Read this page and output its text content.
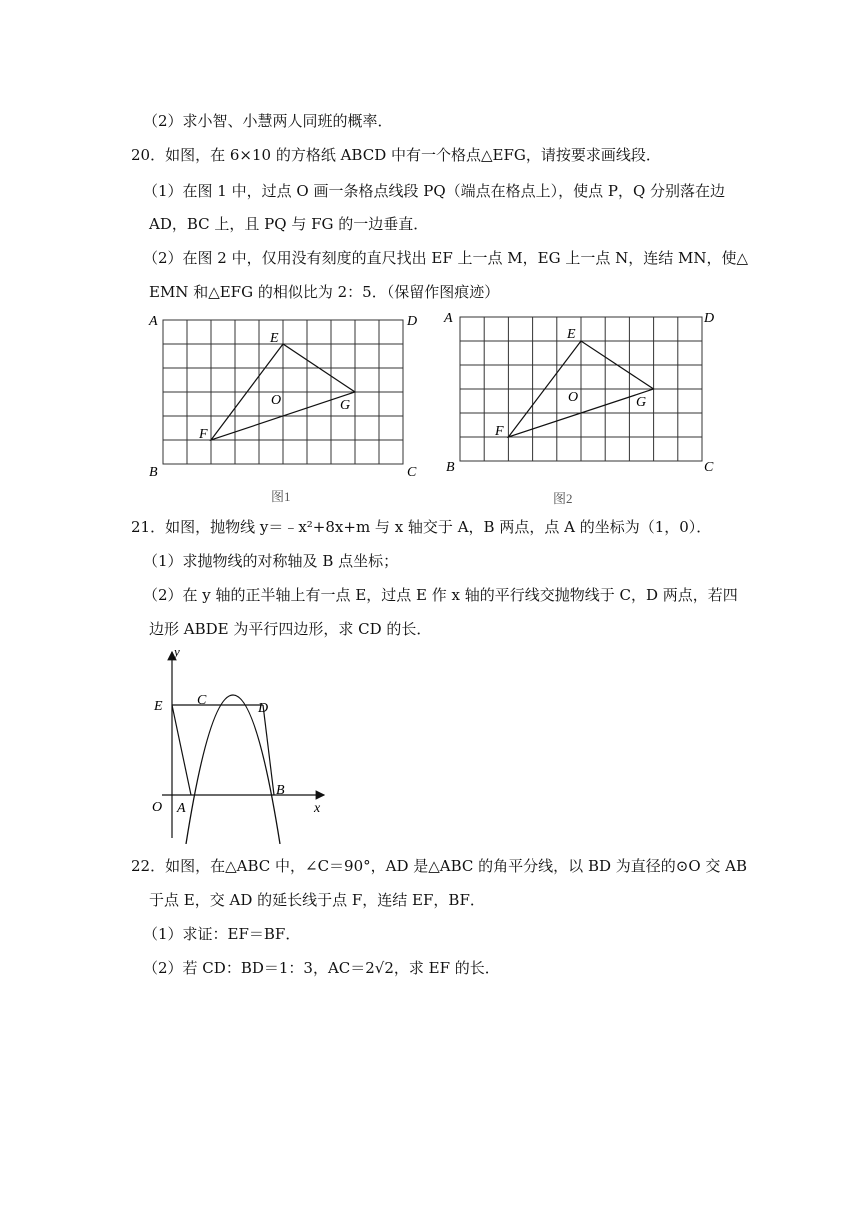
（2）求小智、小慧两人同班的概率．
20．如图，在 6×10 的方格纸 ABCD 中有一个格点△EFG，请按要求画线段．
（1）在图 1 中，过点 O 画一条格点线段 PQ（端点在格点上），使点 P，Q 分别落在边
AD，BC 上，且 PQ 与 FG 的一边垂直．
（2）在图 2 中，仅用没有刻度的直尺找出 EF 上一点 M，EG 上一点 N，连结 MN，使△
EMN 和△EFG 的相似比为 2：5．（保留作图痕迹）
A	D
B	C
E
O	G
F
图1
A	D
B	C
E
O	G
F
图2
21．如图，抛物线 y＝﹣x²+8x+m 与 x 轴交于 A，B 两点，点 A 的坐标为（1，0）．
（1）求抛物线的对称轴及 B 点坐标；
（2）在 y 轴的正半轴上有一点 E，过点 E 作 x 轴的平行线交抛物线于 C，D 两点，若四
边形 ABDE 为平行四边形，求 CD 的长．
y
x
E C
D
O A
B
22．如图，在△ABC 中，∠C＝90°，AD 是△ABC 的角平分线，以 BD 为直径的⊙O 交 AB
于点 E，交 AD 的延长线于点 F，连结 EF，BF．
（1）求证：EF＝BF．
（2）若 CD：BD＝1：3，AC＝2√2，求 EF 的长．
